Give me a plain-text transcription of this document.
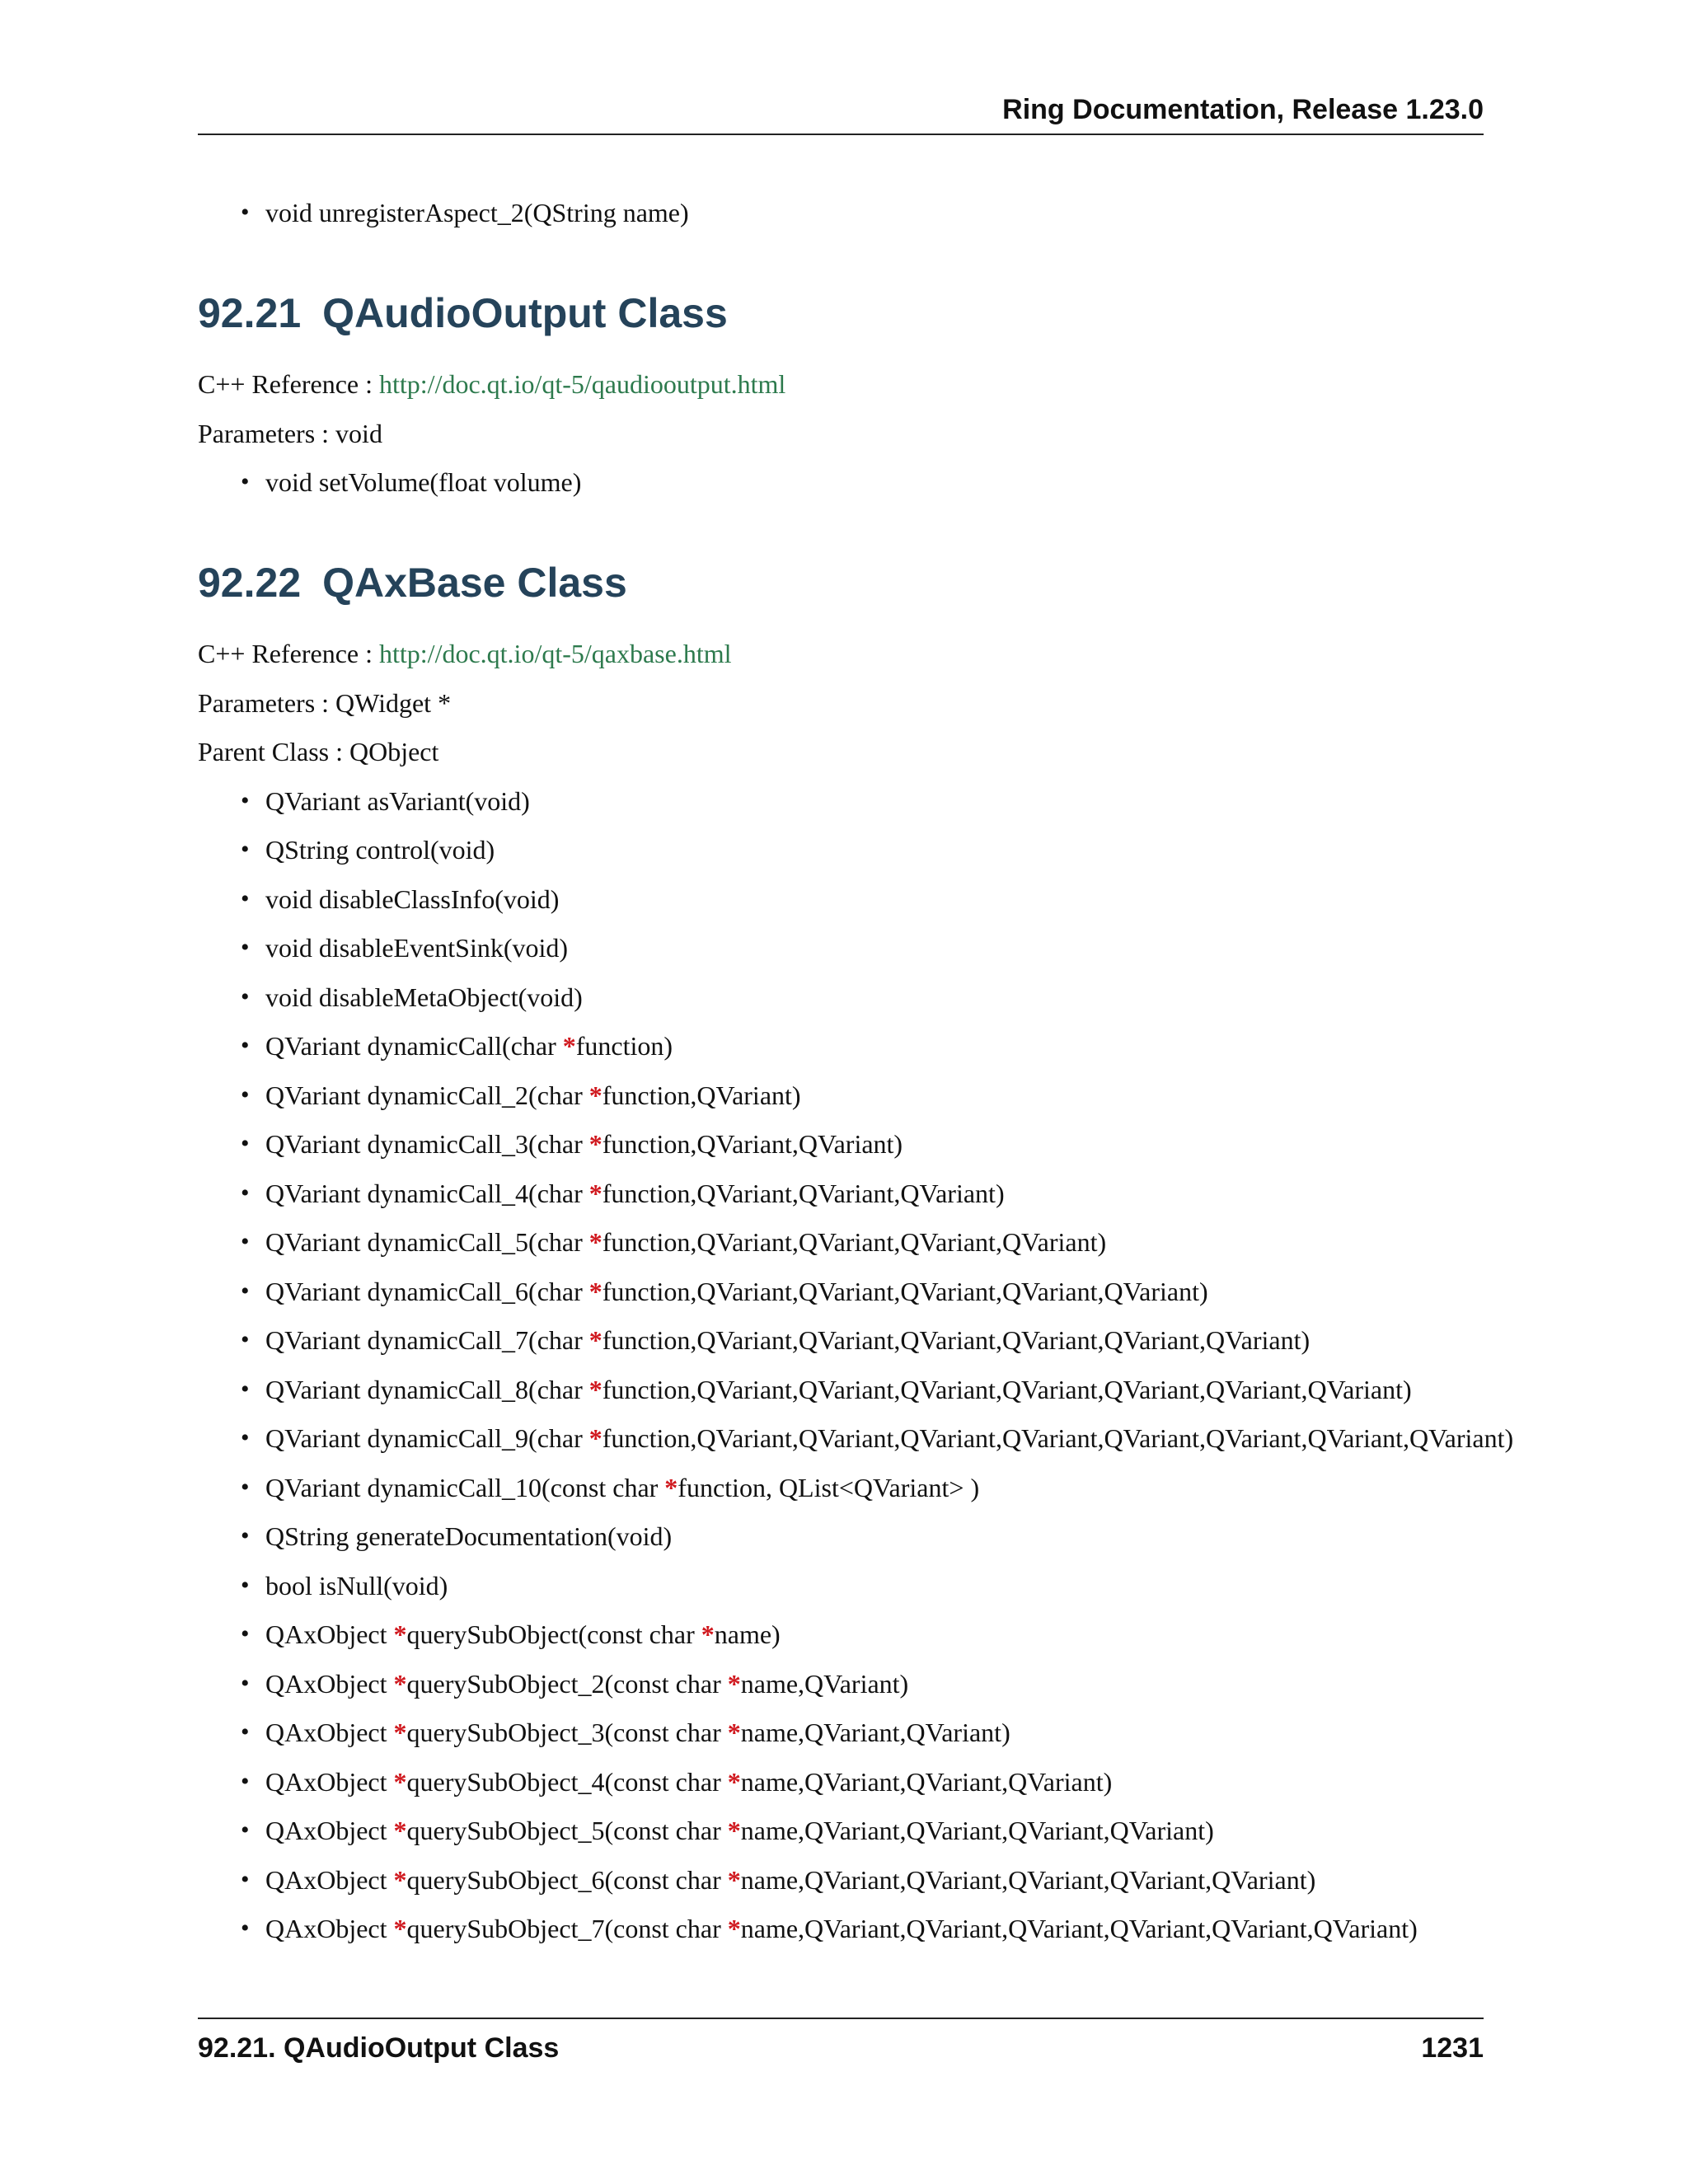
Ring Documentation, Release 1.23.0
• void unregisterAspect_2(QString name)
92.21 QAudioOutput Class

C++ Reference : http://doc.qt.io/qt-5/qaudiooutput.html

Parameters : void

• void setVolume(float volume)
92.22 QAxBase Class

C++ Reference : http://doc.qt.io/qt-5/qaxbase.html

Parameters : QWidget *

Parent Class : QObject

• QVariant asVariant(void)
• QString control(void)
• void disableClassInfo(void)
• void disableEventSink(void)
• void disableMetaObject(void)
• QVariant dynamicCall(char *function)
• QVariant dynamicCall_2(char *function,QVariant)
• QVariant dynamicCall_3(char *function,QVariant,QVariant)
• QVariant dynamicCall_4(char *function,QVariant,QVariant,QVariant)
• QVariant dynamicCall_5(char *function,QVariant,QVariant,QVariant,QVariant)
• QVariant dynamicCall_6(char *function,QVariant,QVariant,QVariant,QVariant,QVariant)
• QVariant dynamicCall_7(char *function,QVariant,QVariant,QVariant,QVariant,QVariant,QVariant)
• QVariant dynamicCall_8(char *function,QVariant,QVariant,QVariant,QVariant,QVariant,QVariant,QVariant)
• QVariant dynamicCall_9(char *function,QVariant,QVariant,QVariant,QVariant,QVariant,QVariant,QVariant,QVariant)
• QVariant dynamicCall_10(const char *function, QList<QVariant> )
• QString generateDocumentation(void)
• bool isNull(void)
• QAxObject *querySubObject(const char *name)
• QAxObject *querySubObject_2(const char *name,QVariant)
• QAxObject *querySubObject_3(const char *name,QVariant,QVariant)
• QAxObject *querySubObject_4(const char *name,QVariant,QVariant,QVariant)
• QAxObject *querySubObject_5(const char *name,QVariant,QVariant,QVariant,QVariant)
• QAxObject *querySubObject_6(const char *name,QVariant,QVariant,QVariant,QVariant,QVariant)
• QAxObject *querySubObject_7(const char *name,QVariant,QVariant,QVariant,QVariant,QVariant,QVariant)
92.21. QAudioOutput Class	1231
